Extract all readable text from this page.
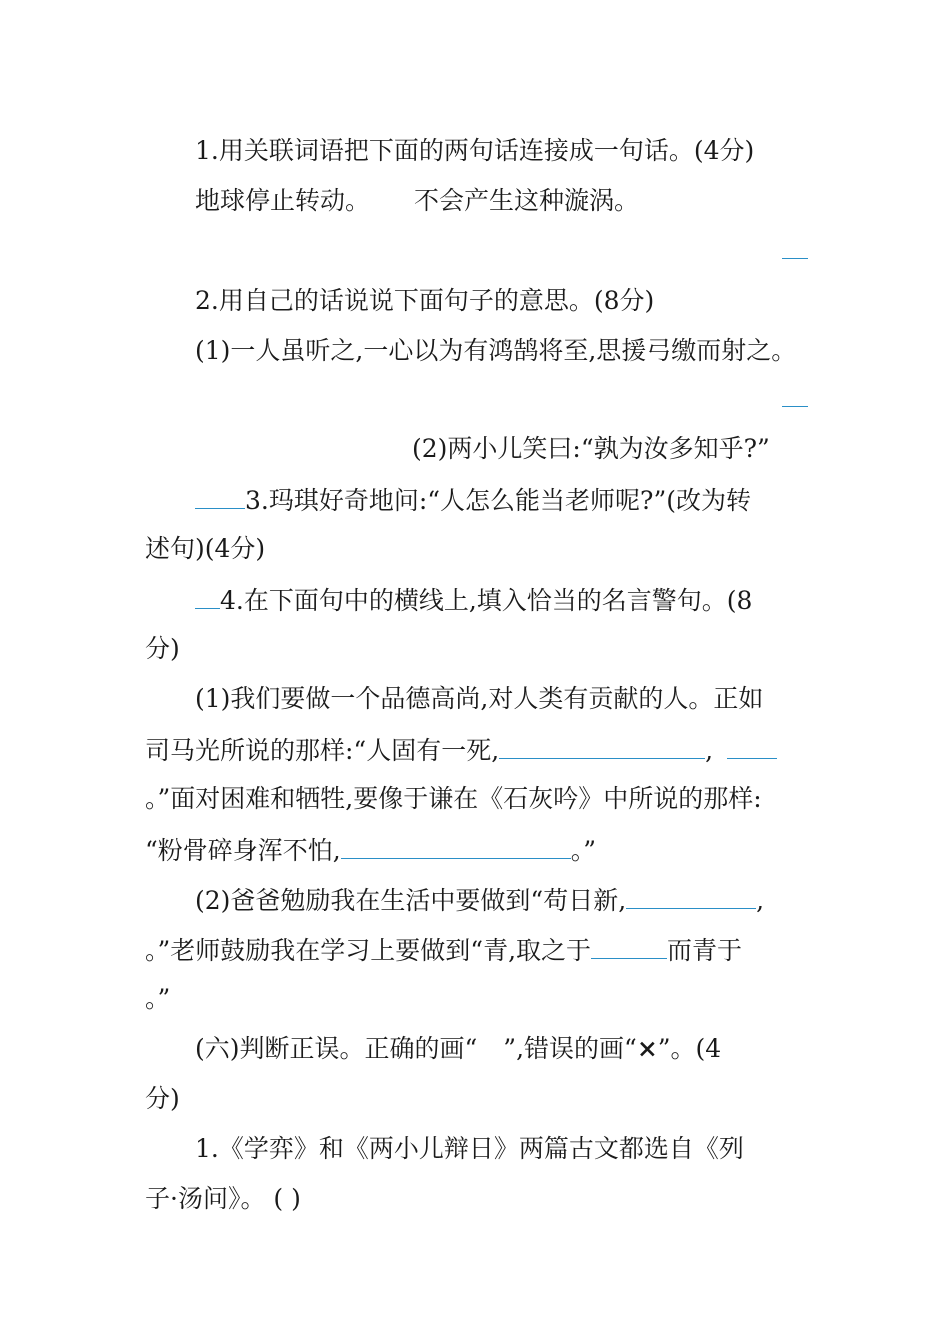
1.用关联词语把下面的两句话连接成一句话。(4分)
地球停止转动。 不会产生这种漩涡。
2.用自己的话说说下面句子的意思。(8分)
(1)一人虽听之,一心以为有鸿鹄将至,思援弓缴而射之。
(2)两小儿笑曰:“孰为汝多知乎?”
3.玛琪好奇地问:“人怎么能当老师呢?”(改为转
述句)(4分)
4.在下面句中的横线上,填入恰当的名言警句。(8
分)
(1)我们要做一个品德高尚,对人类有贡献的人。正如
司马光所说的那样:“人固有一死,	,
。”面对困难和牺牲,要像于谦在《石灰吟》中所说的那样:
“粉骨碎身浑不怕,	。”
(2)爸爸勉励我在生活中要做到“苟日新,	,
。”老师鼓励我在学习上要做到“青,取之于	而青于
。”
(六)判断正误。正确的画“ ”,错误的画“×”。(4
分)
1.《学弈》和《两小儿辩日》两篇古文都选自《列
子·汤问》。 ( )
